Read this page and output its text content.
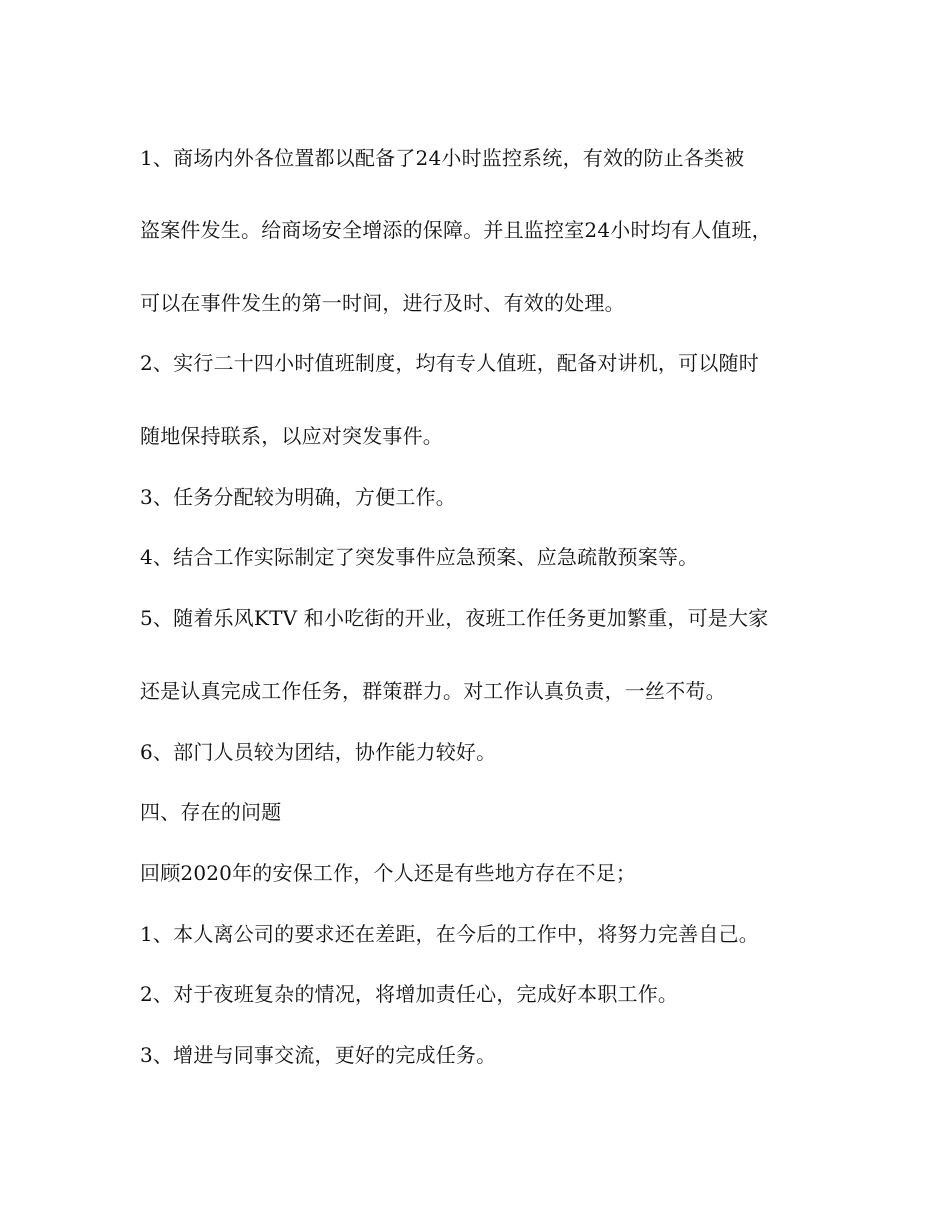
1、商场内外各位置都以配备了24小时监控系统，有效的防止各类被
盗案件发生。给商场安全增添的保障。并且监控室24小时均有人值班，
可以在事件发生的第一时间，进行及时、有效的处理。
2、实行二十四小时值班制度，均有专人值班，配备对讲机，可以随时
随地保持联系，以应对突发事件。
3、任务分配较为明确，方便工作。
4、结合工作实际制定了突发事件应急预案、应急疏散预案等。
5、随着乐风KTV 和小吃街的开业，夜班工作任务更加繁重，可是大家
还是认真完成工作任务，群策群力。对工作认真负责，一丝不苟。
6、部门人员较为团结，协作能力较好。
四、存在的问题
回顾2020年的安保工作，个人还是有些地方存在不足；
1、本人离公司的要求还在差距，在今后的工作中，将努力完善自己。
2、对于夜班复杂的情况，将增加责任心，完成好本职工作。
3、增进与同事交流，更好的完成任务。
